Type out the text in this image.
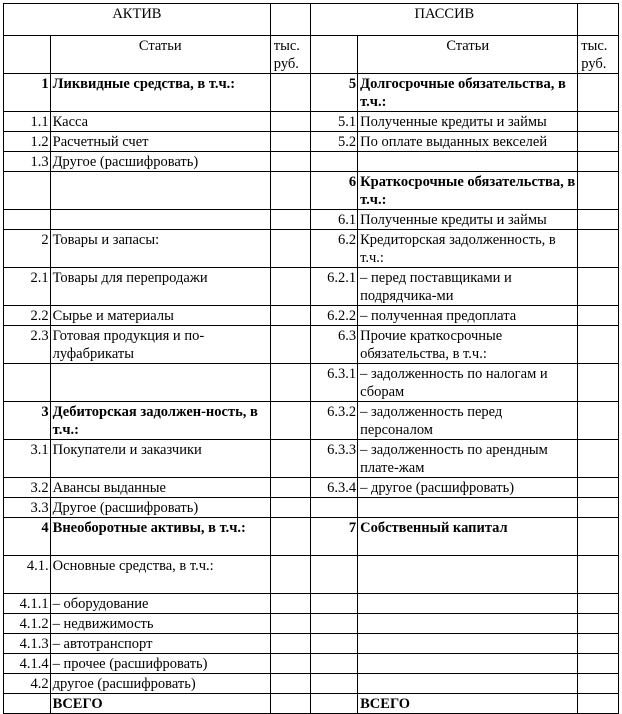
АКТИВ			ПАССИВ		
	Статьи	тыс. руб.		Статьи	тыс. руб.
1	Ликвидные средства, в т.ч.:		5	Долгосрочные обязательства, в т.ч.:	
1.1	Касса		5.1	Полученные кредиты и займы	
1.2	Расчетный счет		5.2	По оплате выданных векселей	
1.3	Другое (расшифровать)				
			6	Краткосрочные обязательства, в т.ч.:	
			6.1	Полученные кредиты и займы	
2	Товары и запасы:		6.2	Кредиторская задолженность, в т.ч.:	
2.1	Товары для перепродажи		6.2.1	– перед поставщиками и подрядчика-ми	
2.2	Сырье и материалы		6.2.2	– полученная предоплата	
2.3	Готовая продукция и по-луфабрикаты		6.3	Прочие краткосрочные обязательства, в т.ч.:	
			6.3.1	– задолженность по налогам и сборам	
3	Дебиторская задолжен-ность, в т.ч.:		6.3.2	– задолженность перед персоналом	
3.1	Покупатели и заказчики		6.3.3	– задолженность по арендным плате-жам	
3.2	Авансы выданные		6.3.4	– другое (расшифровать)	
3.3	Другое (расшифровать)				
4	Внеоборотные активы, в т.ч.:		7	Собственный капитал	
4.1.	Основные средства, в т.ч.:				
4.1.1	– оборудование				
4.1.2	– недвижимость				
4.1.3	– автотранспорт				
4.1.4	– прочее (расшифровать)				
4.2	другое (расшифровать)				
	ВСЕГО			ВСЕГО	
